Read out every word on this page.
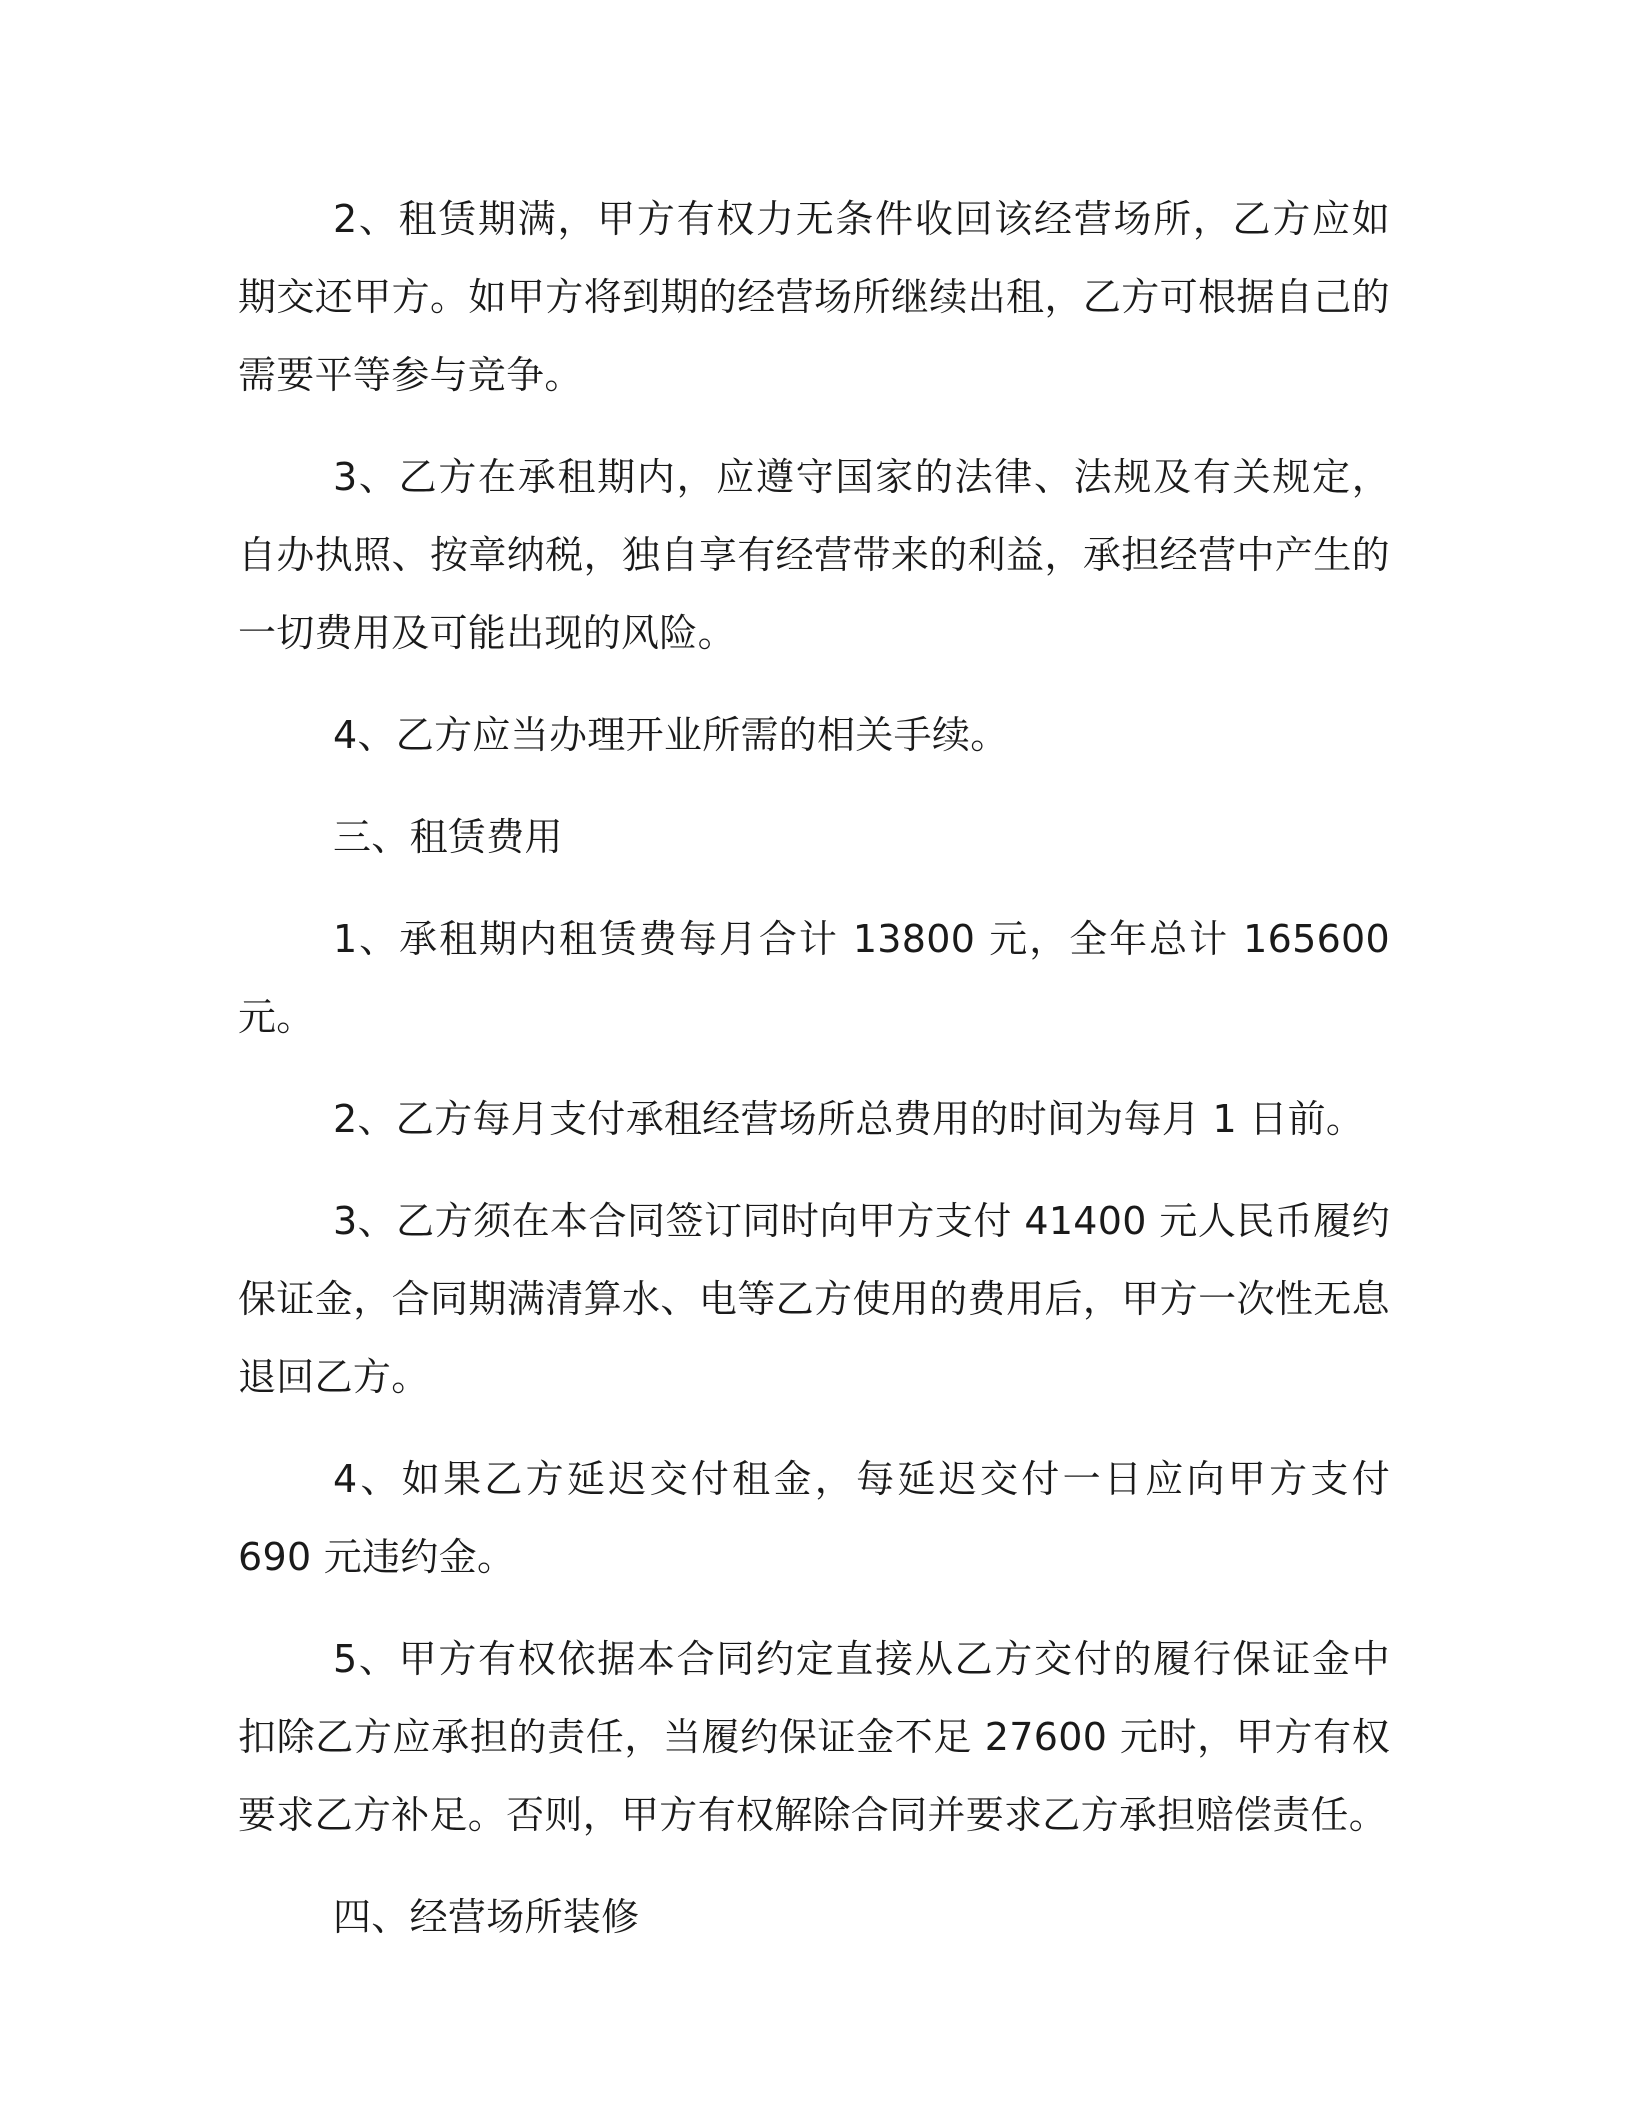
2、租赁期满，甲方有权力无条件收回该经营场所，乙方应如期交还甲方。如甲方将到期的经营场所继续出租，乙方可根据自己的需要平等参与竞争。

3、乙方在承租期内，应遵守国家的法律、法规及有关规定，自办执照、按章纳税，独自享有经营带来的利益，承担经营中产生的一切费用及可能出现的风险。

4、乙方应当办理开业所需的相关手续。

三、租赁费用

1、承租期内租赁费每月合计 13800 元，全年总计 165600 元。

2、乙方每月支付承租经营场所总费用的时间为每月 1 日前。

3、乙方须在本合同签订同时向甲方支付 41400 元人民币履约保证金，合同期满清算水、电等乙方使用的费用后，甲方一次性无息退回乙方。

4、如果乙方延迟交付租金，每延迟交付一日应向甲方支付 690 元违约金。

5、甲方有权依据本合同约定直接从乙方交付的履行保证金中扣除乙方应承担的责任，当履约保证金不足 27600 元时，甲方有权要求乙方补足。否则，甲方有权解除合同并要求乙方承担赔偿责任。

四、经营场所装修
